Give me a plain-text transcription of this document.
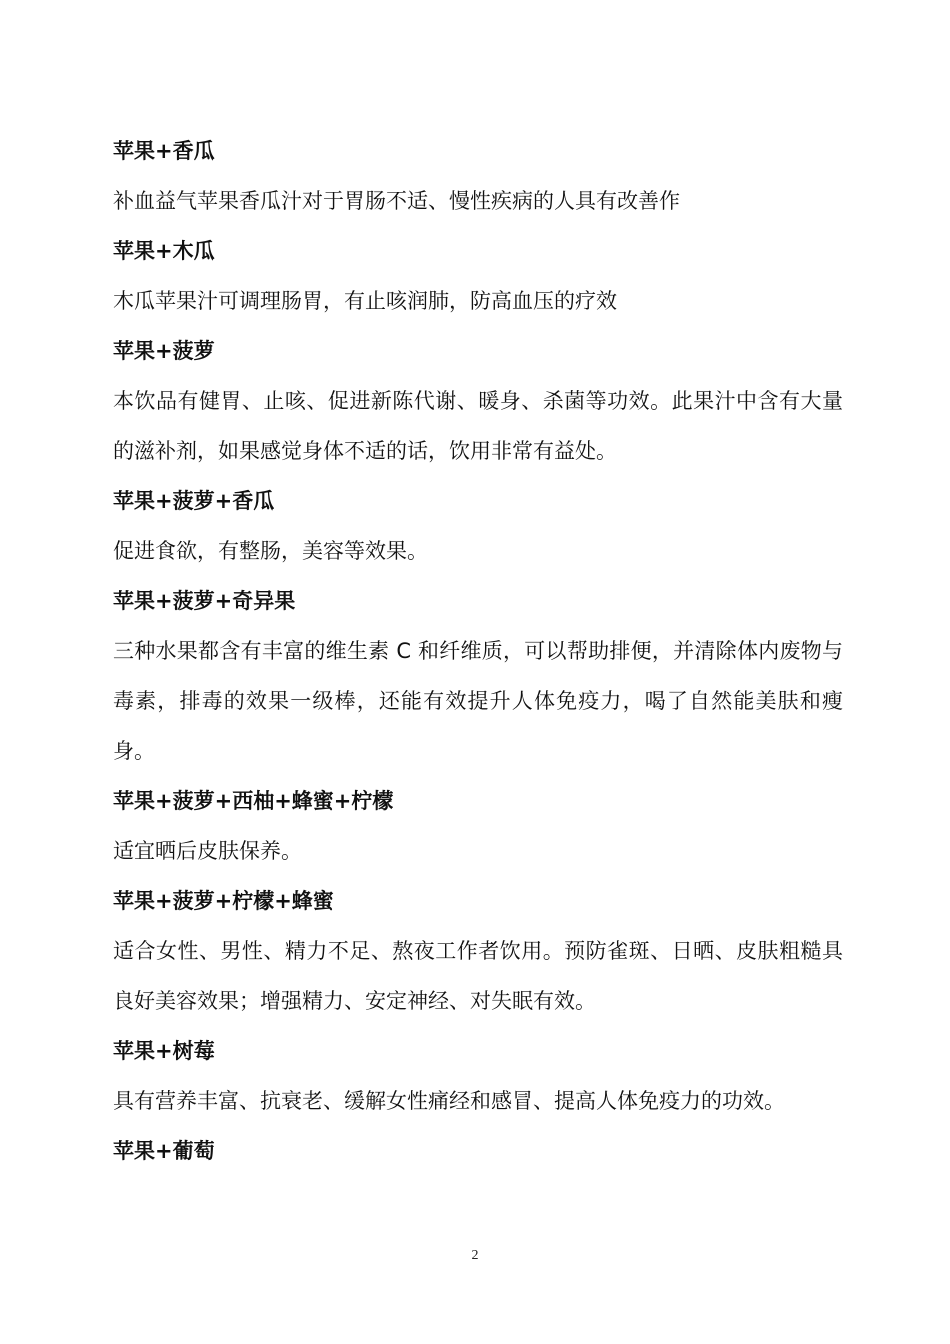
苹果+香瓜

补血益气苹果香瓜汁对于胃肠不适、慢性疾病的人具有改善作

苹果+木瓜

木瓜苹果汁可调理肠胃，有止咳润肺，防高血压的疗效

苹果+菠萝

本饮品有健胃、止咳、促进新陈代谢、暖身、杀菌等功效。此果汁中含有大量的滋补剂，如果感觉身体不适的话，饮用非常有益处。

苹果+菠萝+香瓜

促进食欲，有整肠，美容等效果。

苹果+菠萝+奇异果

三种水果都含有丰富的维生素 C 和纤维质，可以帮助排便，并清除体内废物与毒素，排毒的效果一级棒，还能有效提升人体免疫力，喝了自然能美肤和瘦身。

苹果+菠萝+西柚+蜂蜜+柠檬

适宜晒后皮肤保养。

苹果+菠萝+柠檬+蜂蜜

适合女性、男性、精力不足、熬夜工作者饮用。预防雀斑、日晒、皮肤粗糙具良好美容效果；增强精力、安定神经、对失眠有效。

苹果+树莓

具有营养丰富、抗衰老、缓解女性痛经和感冒、提高人体免疫力的功效。

苹果+葡萄

2
